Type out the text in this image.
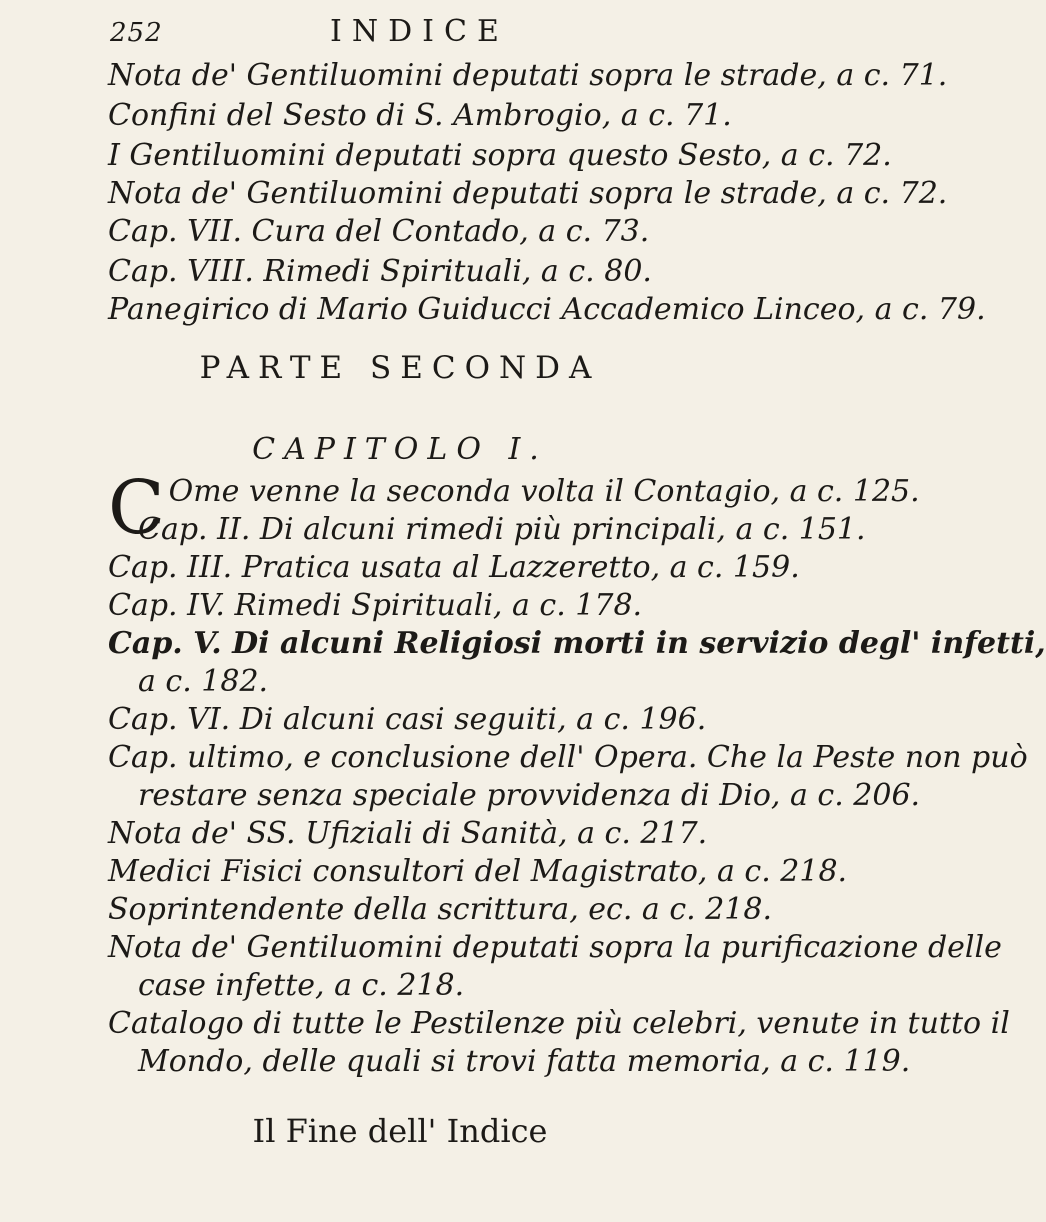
252	INDICE
Nota de' Gentiluomini deputati sopra le strade, a c. 71.
Confini del Sesto di S. Ambrogio, a c. 71.
I Gentiluomini deputati sopra questo Sesto, a c. 72.
Nota de' Gentiluomini deputati sopra le strade, a c. 72.
Cap. VII. Cura del Contado, a c. 73.
Cap. VIII. Rimedi Spirituali, a c. 80.
Panegirico di Mario Guiducci Accademico Linceo, a c. 79.
PARTE SECONDA
CAPITOLO I.
C Ome venne la seconda volta il Contagio, a c. 125.
Cap. II. Di alcuni rimedi più principali, a c. 151.
Cap. III. Pratica usata al Lazzeretto, a c. 159.
Cap. IV. Rimedi Spirituali, a c. 178.
Cap. V. Di alcuni Religiosi morti in servizio degl' infetti,
a c. 182.
Cap. VI. Di alcuni casi seguiti, a c. 196.
Cap. ultimo, e conclusione dell' Opera. Che la Peste non può
restare senza speciale provvidenza di Dio, a c. 206.
Nota de' SS. Ufiziali di Sanità, a c. 217.
Medici Fisici consultori del Magistrato, a c. 218.
Soprintendente della scrittura, ec. a c. 218.
Nota de' Gentiluomini deputati sopra la purificazione delle
case infette, a c. 218.
Catalogo di tutte le Pestilenze più celebri, venute in tutto il
Mondo, delle quali si trovi fatta memoria, a c. 119.
Il Fine dell' Indice
